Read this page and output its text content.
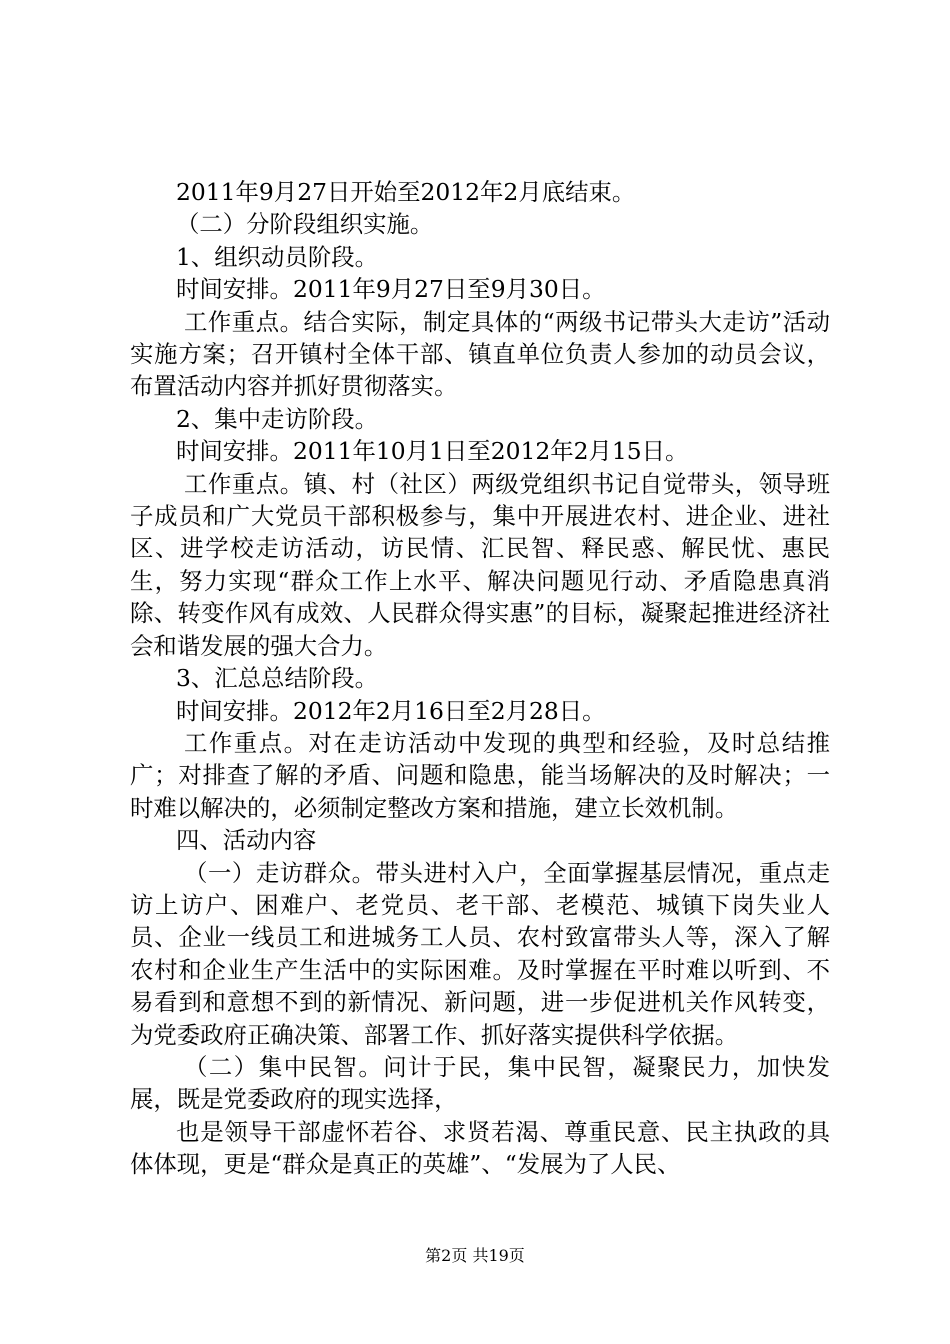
2011年9月27日开始至2012年2月底结束。

（二）分阶段组织实施。

1、组织动员阶段。

时间安排。2011年9月27日至9月30日。

工作重点。结合实际，制定具体的“两级书记带头大走访”活动实施方案；召开镇村全体干部、镇直单位负责人参加的动员会议，布置活动内容并抓好贯彻落实。

2、集中走访阶段。

时间安排。2011年10月1日至2012年2月15日。

工作重点。镇、村（社区）两级党组织书记自觉带头，领导班子成员和广大党员干部积极参与，集中开展进农村、进企业、进社区、进学校走访活动，访民情、汇民智、释民惑、解民忧、惠民生，努力实现“群众工作上水平、解决问题见行动、矛盾隐患真消除、转变作风有成效、人民群众得实惠”的目标，凝聚起推进经济社会和谐发展的强大合力。

3、汇总总结阶段。

时间安排。2012年2月16日至2月28日。

工作重点。对在走访活动中发现的典型和经验，及时总结推广；对排查了解的矛盾、问题和隐患，能当场解决的及时解决；一时难以解决的，必须制定整改方案和措施，建立长效机制。

四、活动内容

（一）走访群众。带头进村入户，全面掌握基层情况，重点走访上访户、困难户、老党员、老干部、老模范、城镇下岗失业人员、企业一线员工和进城务工人员、农村致富带头人等，深入了解农村和企业生产生活中的实际困难。及时掌握在平时难以听到、不易看到和意想不到的新情况、新问题，进一步促进机关作风转变，为党委政府正确决策、部署工作、抓好落实提供科学依据。

（二）集中民智。问计于民，集中民智，凝聚民力，加快发展，既是党委政府的现实选择，

也是领导干部虚怀若谷、求贤若渴、尊重民意、民主执政的具体体现，更是“群众是真正的英雄”、“发展为了人民、

第2页 共19页
